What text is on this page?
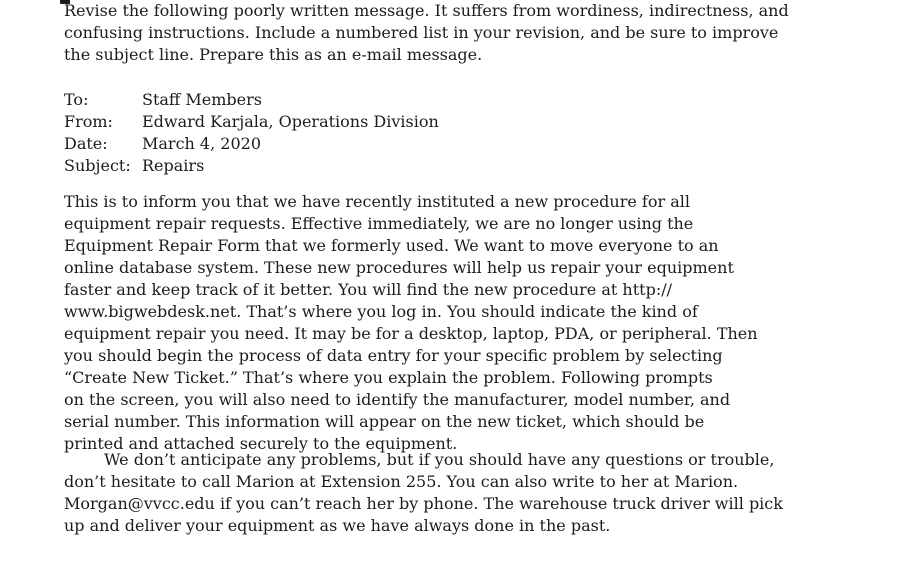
Revise the following poorly written message. It suffers from wordiness, indirectness, and
confusing instructions. Include a numbered list in your revision, and be sure to improve
the subject line. Prepare this as an e-mail message.
To:	Staff Members
From:	Edward Karjala, Operations Division
Date:	March 4, 2020
Subject: Repairs
This is to inform you that we have recently instituted a new procedure for all
equipment repair requests. Effective immediately, we are no longer using the
Equipment Repair Form that we formerly used. We want to move everyone to an
online database system. These new procedures will help us repair your equipment
faster and keep track of it better. You will find the new procedure at http://
www.bigwebdesk.net. That’s where you log in. You should indicate the kind of
equipment repair you need. It may be for a desktop, laptop, PDA, or peripheral. Then
you should begin the process of data entry for your specific problem by selecting
“Create New Ticket.” That’s where you explain the problem. Following prompts
on the screen, you will also need to identify the manufacturer, model number, and
serial number. This information will appear on the new ticket, which should be
printed and attached securely to the equipment.
We don’t anticipate any problems, but if you should have any questions or trouble,
don’t hesitate to call Marion at Extension 255. You can also write to her at Marion.
Morgan@vvcc.edu if you can’t reach her by phone. The warehouse truck driver will pick
up and deliver your equipment as we have always done in the past.
